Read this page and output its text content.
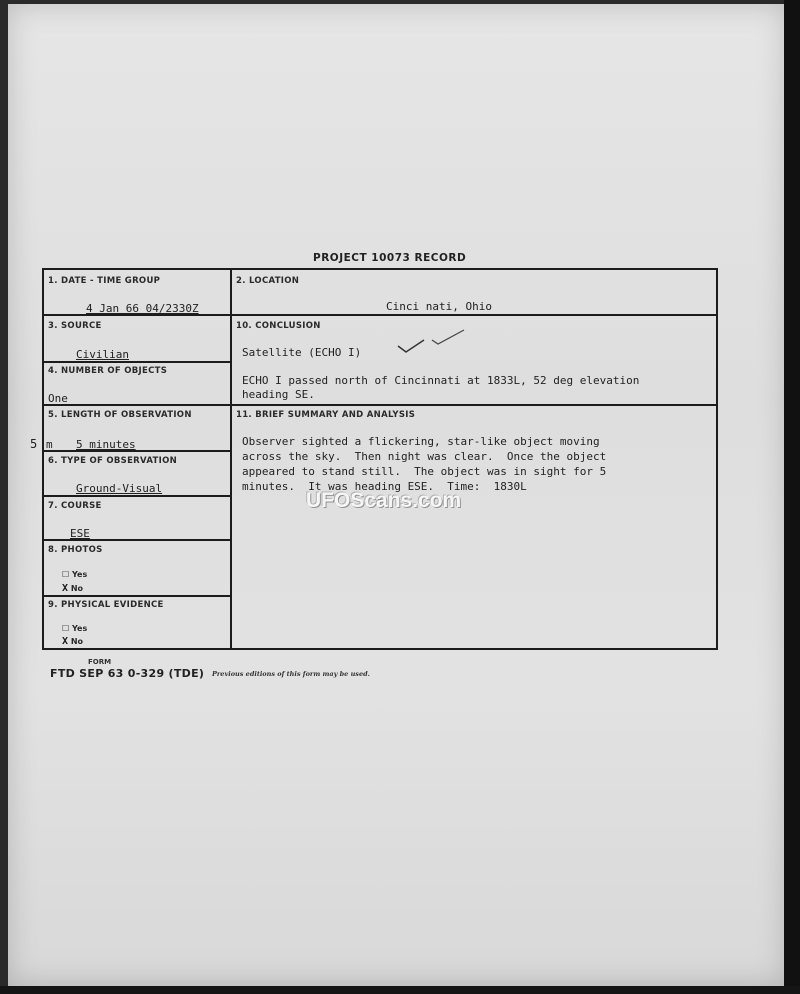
PROJECT 10073 RECORD
1. DATE - TIME GROUP
4 Jan 66 04/2330Z
2. LOCATION
Cinci nati, Ohio
3. SOURCE
Civilian
4. NUMBER OF OBJECTS
One
10. CONCLUSION
Satellite (ECHO I)
ECHO I passed north of Cincinnati at 1833L, 52 deg elevation
heading SE.
5. LENGTH OF OBSERVATION
m 5 minutes
11. BRIEF SUMMARY AND ANALYSIS
Observer sighted a flickering, star-like object moving
across the sky.  Then night was clear.  Once the object
appeared to stand still.  The object was in sight for 5
minutes.  It was heading ESE.  Time:  1830L
6. TYPE OF OBSERVATION
Ground-Visual
7. COURSE
ESE
8. PHOTOS
☐ Yes
X No
9. PHYSICAL EVIDENCE
☐ Yes
X No
5
FORM
FTD SEP 63 0-329 (TDE) Previous editions of this form may be used.
UFOScans.com
